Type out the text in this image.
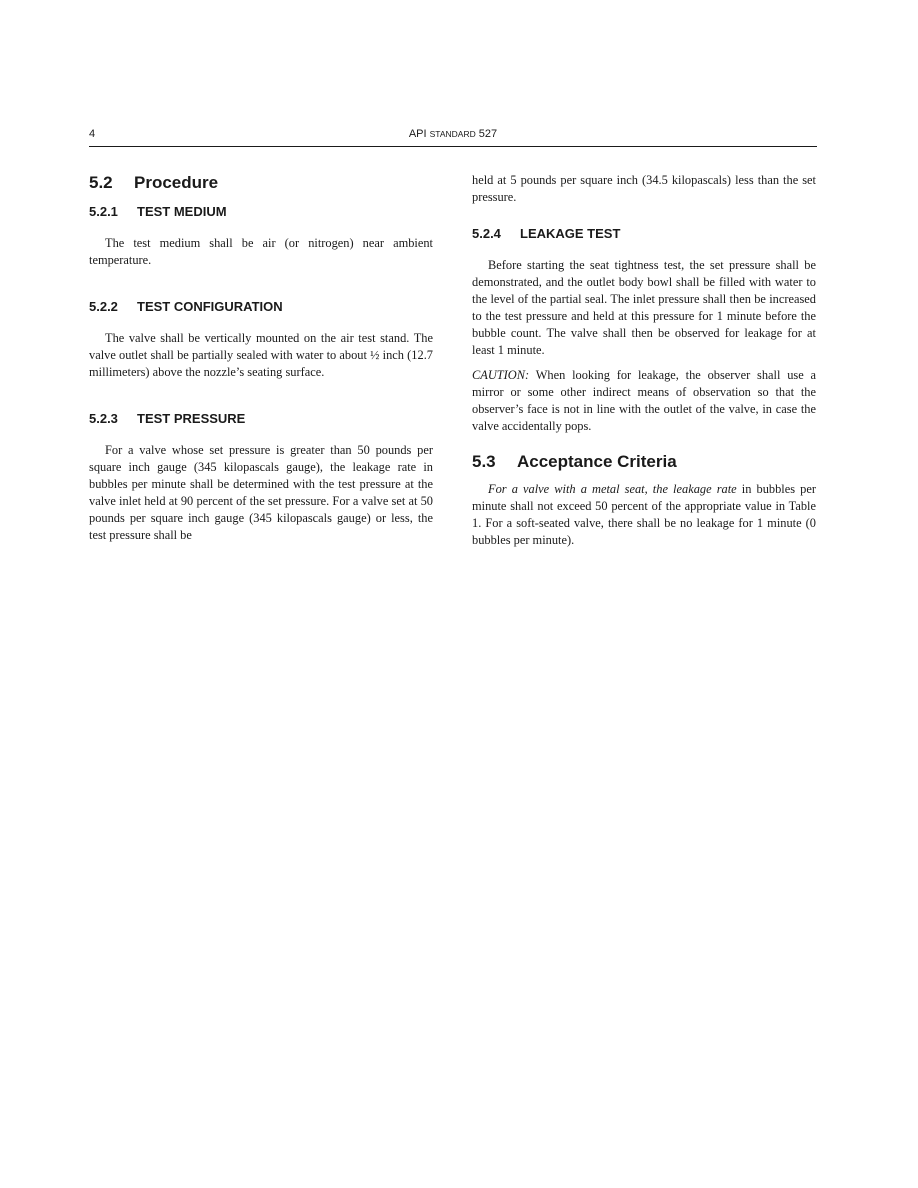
4	API STANDARD 527
5.2	Procedure
5.2.1	TEST MEDIUM

The test medium shall be air (or nitrogen) near ambient temperature.

5.2.2	TEST CONFIGURATION

The valve shall be vertically mounted on the air test stand. The valve outlet shall be partially sealed with water to about ½ inch (12.7 millimeters) above the nozzle’s seating surface.

5.2.3	TEST PRESSURE

For a valve whose set pressure is greater than 50 pounds per square inch gauge (345 kilopascals gauge), the leakage rate in bubbles per minute shall be determined with the test pressure at the valve inlet held at 90 percent of the set pressure. For a valve set at 50 pounds per square inch gauge (345 kilopascals gauge) or less, the test pressure shall be

held at 5 pounds per square inch (34.5 kilopascals) less than the set pressure.

5.2.4	LEAKAGE TEST

Before starting the seat tightness test, the set pressure shall be demonstrated, and the outlet body bowl shall be filled with water to the level of the partial seal. The inlet pressure shall then be increased to the test pressure and held at this pressure for 1 minute before the bubble count. The valve shall then be observed for leakage for at least 1 minute.

CAUTION: When looking for leakage, the observer shall use a mirror or some other indirect means of observation so that the observer’s face is not in line with the outlet of the valve, in case the valve accidentally pops.

5.3	Acceptance Criteria

For a valve with a metal seat, the leakage rate in bubbles per minute shall not exceed 50 percent of the appropriate value in Table 1. For a soft-seated valve, there shall be no leakage for 1 minute (0 bubbles per minute).
